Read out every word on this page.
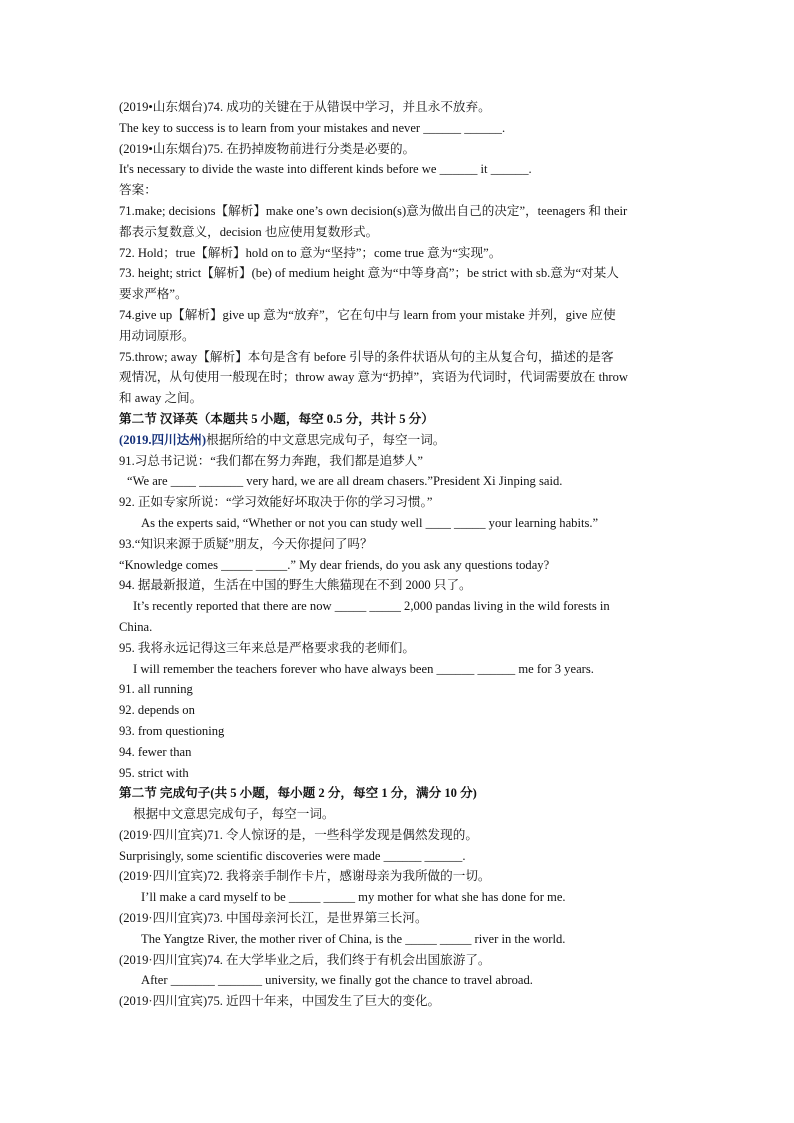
(2019•山东烟台)74. 成功的关键在于从错误中学习，并且永不放弃。
The key to success is to learn from your mistakes and never ______ ______.
(2019•山东烟台)75. 在扔掉废物前进行分类是必要的。
It's necessary to divide the waste into different kinds before we ______ it ______.
答案：
71.make; decisions【解析】make one’s own decision(s)意为做出自己的决定”，teenagers 和 their
都表示复数意义，decision 也应使用复数形式。
72. Hold；true【解析】hold on to 意为“坚持”；come true 意为“实现”。
73. height; strict【解析】(be) of medium height 意为“中等身高”；be strict with sb.意为“对某人
要求严格”。
74.give up【解析】give up 意为“放弃”，它在句中与 learn from your mistake 并列，give 应使
用动词原形。
75.throw; away【解析】本句是含有 before 引导的条件状语从句的主从复合句，描述的是客
观情况，从句使用一般现在时；throw away 意为“扔掉”，宾语为代词时，代词需要放在 throw
和 away 之间。
第二节 汉译英（本题共 5 小题，每空 0.5 分，共计 5 分）
(2019.四川达州)根据所给的中文意思完成句子，每空一词。
91.习总书记说：“我们都在努力奔跑，我们都是追梦人”
“We are ____ _______ very hard, we are all dream chasers.”President Xi Jinping said.
92. 正如专家所说：“学习效能好坏取决于你的学习习惯。”
As the experts said, “Whether or not you can study well ____ _____ your learning habits.”
93.“知识来源于质疑”朋友，今天你提问了吗？
“Knowledge comes _____ _____.” My dear friends, do you ask any questions today?
94. 据最新报道，生活在中国的野生大熊猫现在不到 2000 只了。
It’s recently reported that there are now _____ _____ 2,000 pandas living in the wild forests in
China.
95. 我将永远记得这三年来总是严格要求我的老师们。
I will remember the teachers forever who have always been ______ ______ me for 3 years.
91. all running
92. depends on
93. from questioning
94. fewer than
95. strict with
第二节 完成句子(共 5 小题，每小题 2 分，每空 1 分，满分 10 分)
根据中文意思完成句子，每空一词。
(2019·四川宜宾)71. 令人惊讶的是，一些科学发现是偶然发现的。
Surprisingly, some scientific discoveries were made ______ ______.
(2019·四川宜宾)72. 我将亲手制作卡片，感谢母亲为我所做的一切。
I’ll make a card myself to be _____ _____ my mother for what she has done for me.
(2019·四川宜宾)73. 中国母亲河长江，是世界第三长河。
The Yangtze River, the mother river of China, is the _____ _____ river in the world.
(2019·四川宜宾)74. 在大学毕业之后，我们终于有机会出国旅游了。
After _______ _______ university, we finally got the chance to travel abroad.
(2019·四川宜宾)75. 近四十年来，中国发生了巨大的变化。
